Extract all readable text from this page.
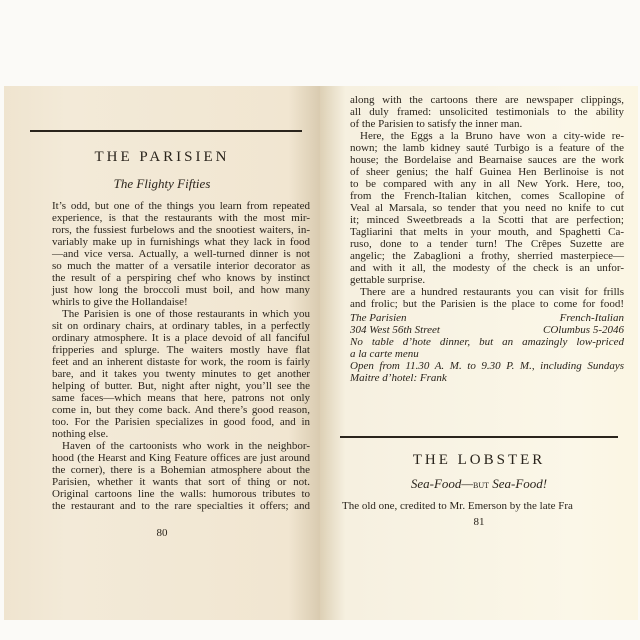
THE PARISIEN
The Flighty Fifties
It’s odd, but one of the things you learn from repeated
experience, is that the restaurants with the most mir-
rors, the fussiest furbelows and the snootiest waiters, in-
variably make up in furnishings what they lack in food
—and vice versa. Actually, a well-turned dinner is not
so much the matter of a versatile interior decorator as
the result of a perspiring chef who knows by instinct
just how long the broccoli must boil, and how many
whirls to give the Hollandaise!
The Parisien is one of those restaurants in which you
sit on ordinary chairs, at ordinary tables, in a perfectly
ordinary atmosphere. It is a place devoid of all fanciful
fripperies and splurge. The waiters mostly have flat
feet and an inherent distaste for work, the room is fairly
bare, and it takes you twenty minutes to get another
helping of butter. But, night after night, you’ll see the
same faces—which means that here, patrons not only
come in, but they come back. And there’s good reason,
too. For the Parisien specializes in good food, and in
nothing else.
Haven of the cartoonists who work in the neighbor-
hood (the Hearst and King Feature offices are just around
the corner), there is a Bohemian atmosphere about the
Parisien, whether it wants that sort of thing or not.
Original cartoons line the walls: humorous tributes to
the restaurant and to the rare specialties it offers; and
80
along with the cartoons there are newspaper clippings,
all duly framed: unsolicited testimonials to the ability
of the Parisien to satisfy the inner man.
Here, the Eggs a la Bruno have won a city-wide re-
nown; the lamb kidney sauté Turbigo is a feature of the
house; the Bordelaise and Bearnaise sauces are the work
of sheer genius; the half Guinea Hen Berlinoise is not
to be compared with any in all New York. Here, too,
from the French-Italian kitchen, comes Scallopine of
Veal al Marsala, so tender that you need no knife to cut
it; minced Sweetbreads a la Scotti that are perfection;
Tagliarini that melts in your mouth, and Spaghetti Ca-
ruso, done to a tender turn! The Crêpes Suzette are
angelic; the Zabaglioni a frothy, sherried masterpiece—
and with it all, the modesty of the check is an unfor-
gettable surprise.
There are a hundred restaurants you can visit for frills
and frolic; but the Parisien is the place to come for food!
The Parisien	French-Italian
304 West 56th Street	COlumbus 5-2046
No table d’hote dinner, but an amazingly low-priced
a la carte menu
Open from 11.30 A. M. to 9.30 P. M., including Sundays
Maitre d’hotel: Frank
THE LOBSTER
Sea-Food—but Sea-Food!
The old one, credited to Mr. Emerson by the late Fra
81
